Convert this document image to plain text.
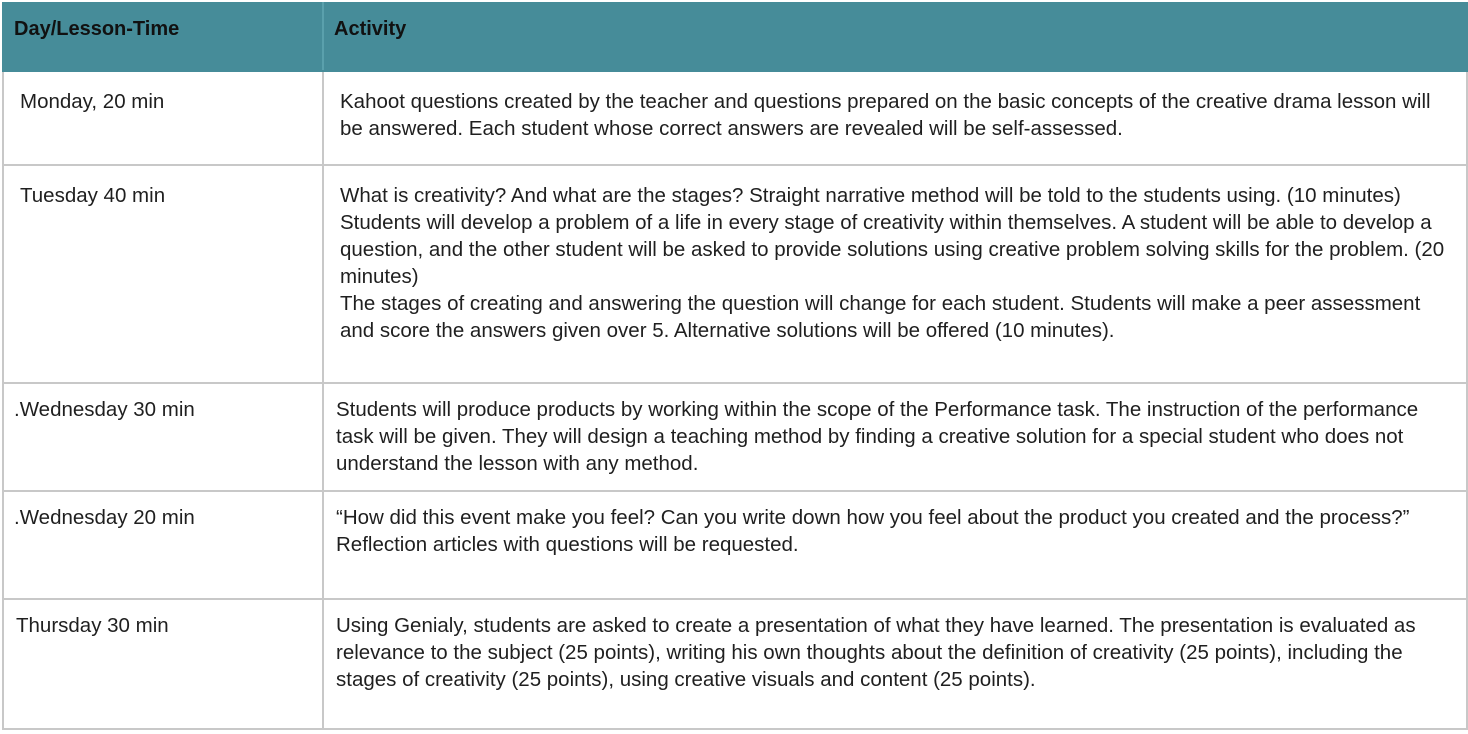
Day/Lesson-Time	Activity
Monday, 20 min	Kahoot questions created by the teacher and questions prepared on the basic concepts of the creative drama lesson will be answered. Each student whose correct answers are revealed will be self-assessed.

Tuesday 40 min	What is creativity? And what are the stages? Straight narrative method will be told to the students using. (10 minutes)
Students will develop a problem of a life in every stage of creativity within themselves. A student will be able to develop a question, and the other student will be asked to provide solutions using creative problem solving skills for the problem. (20 minutes)
The stages of creating and answering the question will change for each student. Students will make a peer assessment and score the answers given over 5. Alternative solutions will be offered (10 minutes).

.Wednesday 30 min	Students will produce products by working within the scope of the Performance task. The instruction of the performance task will be given. They will design a teaching method by finding a creative solution for a special student who does not understand the lesson with any method.

.Wednesday 20 min	“How did this event make you feel? Can you write down how you feel about the product you created and the process?” Reflection articles with questions will be requested.

Thursday 30 min	Using Genialy, students are asked to create a presentation of what they have learned. The presentation is evaluated as relevance to the subject (25 points), writing his own thoughts about the definition of creativity (25 points), including the stages of creativity (25 points), using creative visuals and content (25 points).
